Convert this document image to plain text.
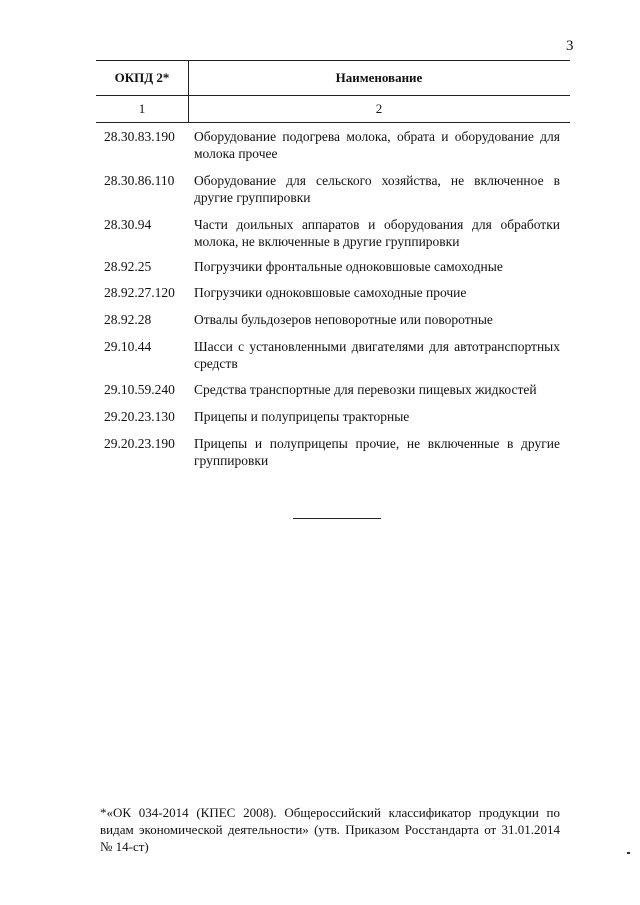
3
ОКПД 2*	Наименование
1	2
28.30.83.190	Оборудование подогрева молока, обрата и оборудование для молока прочее
28.30.86.110	Оборудование для сельского хозяйства, не включенное в другие группировки
28.30.94	Части доильных аппаратов и оборудования для обработки молока, не включенные в другие группировки
28.92.25	Погрузчики фронтальные одноковшовые самоходные
28.92.27.120	Погрузчики одноковшовые самоходные прочие
28.92.28	Отвалы бульдозеров неповоротные или поворотные
29.10.44	Шасси с установленными двигателями для автотранспортных средств
29.10.59.240	Средства транспортные для перевозки пищевых жидкостей
29.20.23.130	Прицепы и полуприцепы тракторные
29.20.23.190	Прицепы и полуприцепы прочие, не включенные в другие группировки
*«ОК 034-2014 (КПЕС 2008). Общероссийский классификатор продукции по видам экономической деятельности» (утв. Приказом Росстандарта от 31.01.2014 № 14-ст)
